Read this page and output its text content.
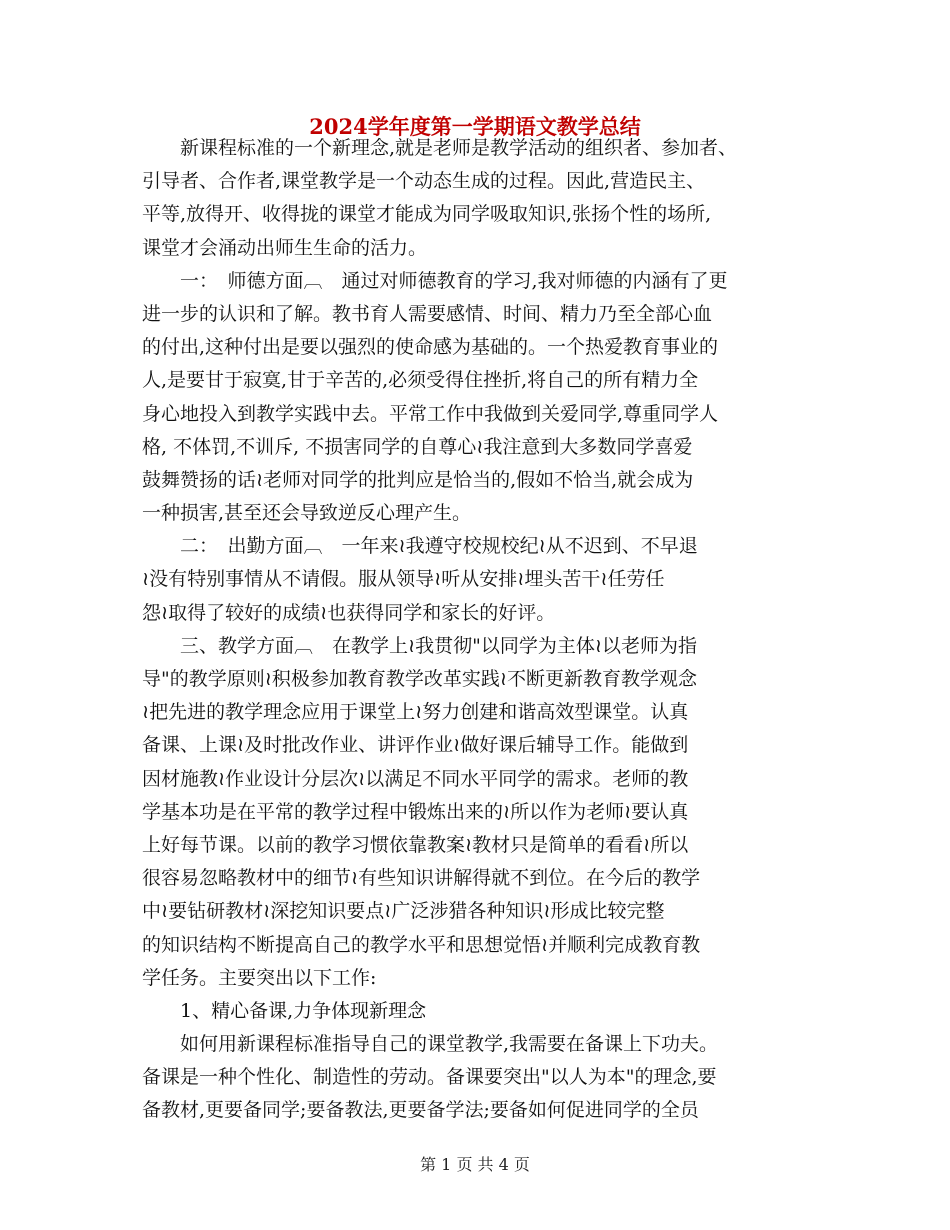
2024学年度第一学期语文教学总结
　　新课程标准的一个新理念,就是老师是教学活动的组织者、参加者、
引导者、合作者,课堂教学是一个动态生成的过程。因此,营造民主、
平等,放得开、收得拢的课堂才能成为同学吸取知识,张扬个性的场所,
课堂才会涌动出师生生命的活力。
　　一：　师德方面︹　通过对师德教育的学习,我对师德的内涵有了更
进一步的认识和了解。教书育人需要感情、时间、精力乃至全部心血
的付出,这种付出是要以强烈的使命感为基础的。一个热爱教育事业的
人,是要甘于寂寞,甘于辛苦的,必须受得住挫折,将自己的所有精力全
身心地投入到教学实践中去。平常工作中我做到关爱同学,尊重同学人
格, 不体罚,不训斥, 不损害同学的自尊心≀我注意到大多数同学喜爱
鼓舞赞扬的话≀老师对同学的批判应是恰当的,假如不恰当,就会成为
一种损害,甚至还会导致逆反心理产生。
　　二：　出勤方面︹　一年来≀我遵守校规校纪≀从不迟到、不早退
≀没有特别事情从不请假。服从领导≀听从安排≀埋头苦干≀任劳任
怨≀取得了较好的成绩≀也获得同学和家长的好评。
　　三、教学方面︹　在教学上≀我贯彻"以同学为主体≀以老师为指
导"的教学原则≀积极参加教育教学改革实践≀不断更新教育教学观念
≀把先进的教学理念应用于课堂上≀努力创建和谐高效型课堂。认真
备课、上课≀及时批改作业、讲评作业≀做好课后辅导工作。能做到
因材施教≀作业设计分层次≀以满足不同水平同学的需求。老师的教
学基本功是在平常的教学过程中锻炼出来的≀所以作为老师≀要认真
上好每节课。以前的教学习惯依靠教案≀教材只是简单的看看≀所以
很容易忽略教材中的细节≀有些知识讲解得就不到位。在今后的教学
中≀要钻研教材≀深挖知识要点≀广泛涉猎各种知识≀形成比较完整
的知识结构不断提高自己的教学水平和思想觉悟≀并顺利完成教育教
学任务。主要突出以下工作:
　　1、精心备课,力争体现新理念
　　如何用新课程标准指导自己的课堂教学,我需要在备课上下功夫。
备课是一种个性化、制造性的劳动。备课要突出"以人为本"的理念,要
备教材,更要备同学;要备教法,更要备学法;要备如何促进同学的全员
第 1 页 共 4 页
